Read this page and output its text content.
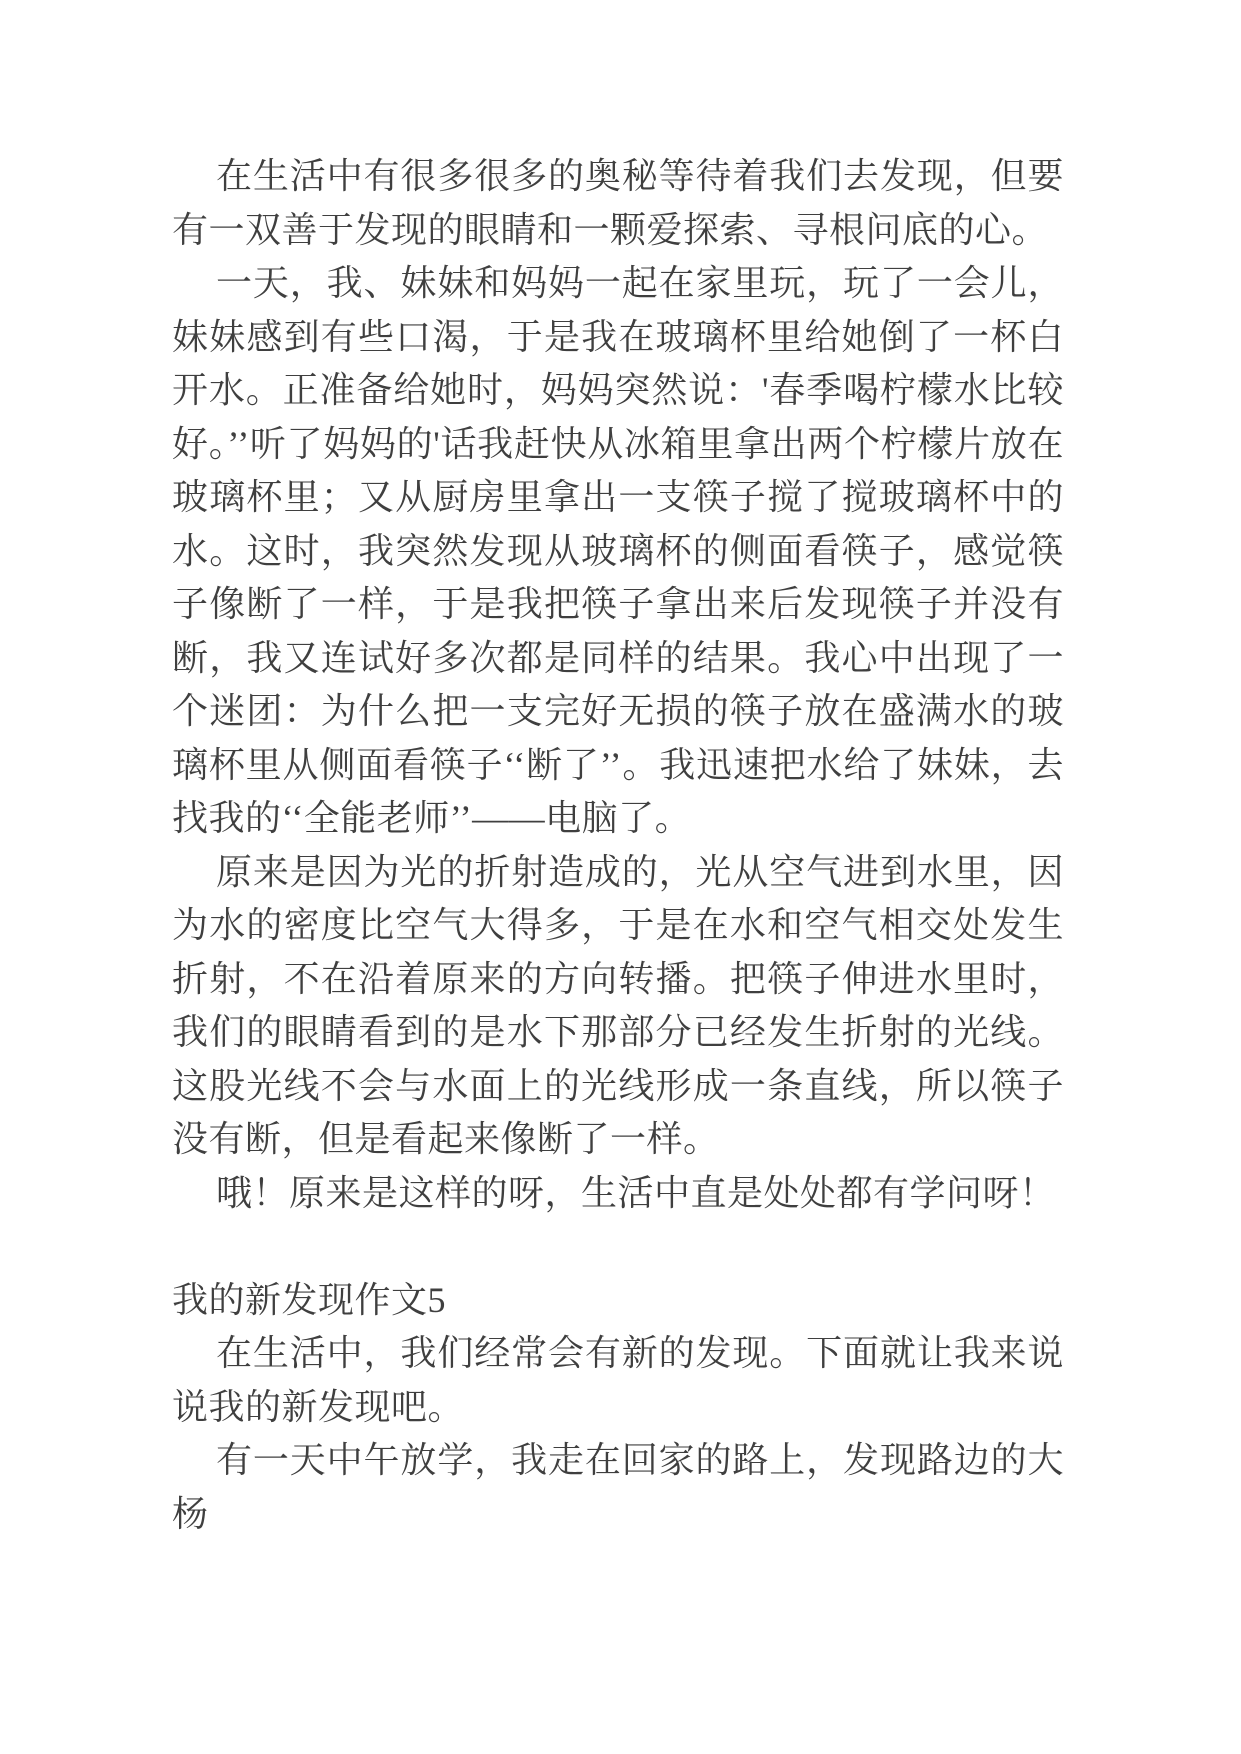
在生活中有很多很多的奥秘等待着我们去发现，但要有一双善于发现的眼睛和一颗爱探索、寻根问底的心。

一天，我、妹妹和妈妈一起在家里玩，玩了一会儿，妹妹感到有些口渴，于是我在玻璃杯里给她倒了一杯白开水。正准备给她时，妈妈突然说：'春季喝柠檬水比较好。’’听了妈妈的'话我赶快从冰箱里拿出两个柠檬片放在玻璃杯里；又从厨房里拿出一支筷子搅了搅玻璃杯中的水。这时，我突然发现从玻璃杯的侧面看筷子，感觉筷子像断了一样，于是我把筷子拿出来后发现筷子并没有断，我又连试好多次都是同样的结果。我心中出现了一个迷团：为什么把一支完好无损的筷子放在盛满水的玻璃杯里从侧面看筷子‘‘断了’’。我迅速把水给了妹妹，去找我的‘‘全能老师’’——电脑了。

原来是因为光的折射造成的，光从空气进到水里，因为水的密度比空气大得多，于是在水和空气相交处发生折射，不在沿着原来的方向转播。把筷子伸进水里时，我们的眼睛看到的是水下那部分已经发生折射的光线。这股光线不会与水面上的光线形成一条直线，所以筷子没有断，但是看起来像断了一样。

哦！原来是这样的呀，生活中直是处处都有学问呀！

我的新发现作文5

在生活中，我们经常会有新的发现。下面就让我来说说我的新发现吧。

有一天中午放学，我走在回家的路上，发现路边的大杨
